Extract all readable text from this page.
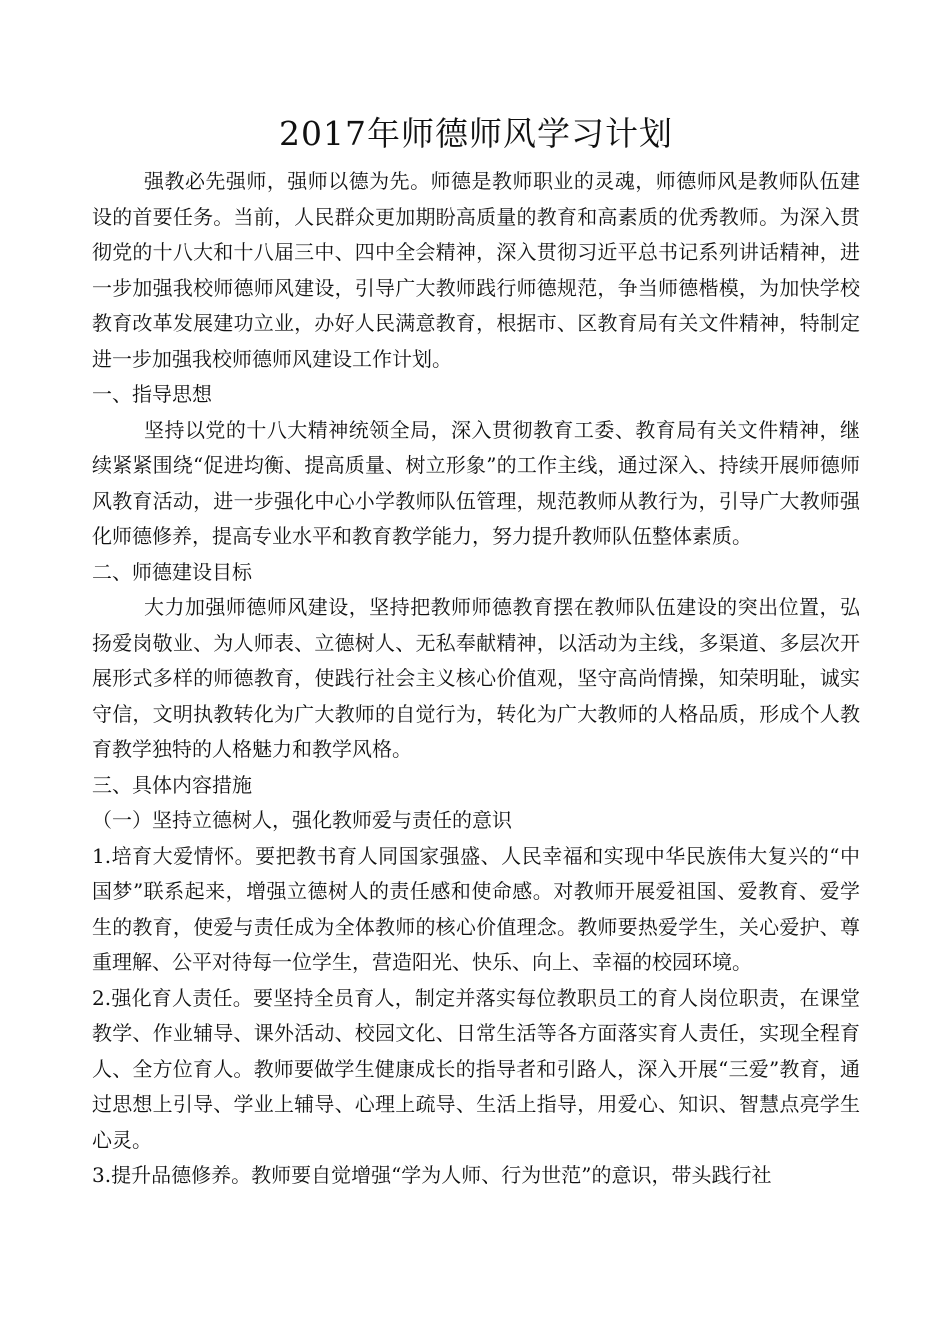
2017年师德师风学习计划

强教必先强师，强师以德为先。师德是教师职业的灵魂，师德师风是教师队伍建设的首要任务。当前，人民群众更加期盼高质量的教育和高素质的优秀教师。为深入贯彻党的十八大和十八届三中、四中全会精神，深入贯彻习近平总书记系列讲话精神，进一步加强我校师德师风建设，引导广大教师践行师德规范，争当师德楷模，为加快学校教育改革发展建功立业，办好人民满意教育，根据市、区教育局有关文件精神，特制定进一步加强我校师德师风建设工作计划。

一、指导思想

坚持以党的十八大精神统领全局，深入贯彻教育工委、教育局有关文件精神，继续紧紧围绕“促进均衡、提高质量、树立形象”的工作主线，通过深入、持续开展师德师风教育活动，进一步强化中心小学教师队伍管理，规范教师从教行为，引导广大教师强化师德修养，提高专业水平和教育教学能力，努力提升教师队伍整体素质。

二、师德建设目标

大力加强师德师风建设，坚持把教师师德教育摆在教师队伍建设的突出位置，弘扬爱岗敬业、为人师表、立德树人、无私奉献精神，以活动为主线，多渠道、多层次开展形式多样的师德教育，使践行社会主义核心价值观，坚守高尚情操，知荣明耻，诚实守信，文明执教转化为广大教师的自觉行为，转化为广大教师的人格品质，形成个人教育教学独特的人格魅力和教学风格。

三、具体内容措施

（一）坚持立德树人，强化教师爱与责任的意识

1.培育大爱情怀。要把教书育人同国家强盛、人民幸福和实现中华民族伟大复兴的“中国梦”联系起来，增强立德树人的责任感和使命感。对教师开展爱祖国、爱教育、爱学生的教育，使爱与责任成为全体教师的核心价值理念。教师要热爱学生，关心爱护、尊重理解、公平对待每一位学生，营造阳光、快乐、向上、幸福的校园环境。

2.强化育人责任。要坚持全员育人，制定并落实每位教职员工的育人岗位职责，在课堂教学、作业辅导、课外活动、校园文化、日常生活等各方面落实育人责任，实现全程育人、全方位育人。教师要做学生健康成长的指导者和引路人，深入开展“三爱”教育，通过思想上引导、学业上辅导、心理上疏导、生活上指导，用爱心、知识、智慧点亮学生心灵。

3.提升品德修养。教师要自觉增强“学为人师、行为世范”的意识，带头践行社
